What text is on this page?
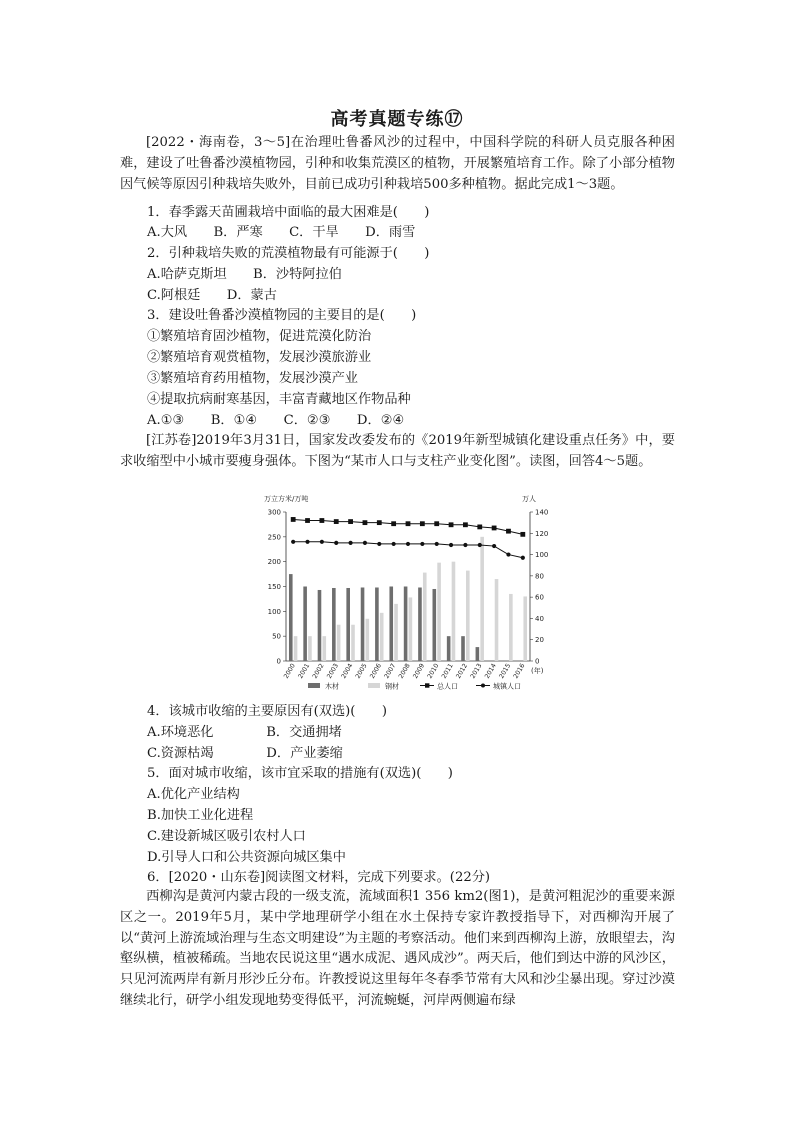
高考真题专练⑰
[2022・海南卷，3～5]在治理吐鲁番风沙的过程中，中国科学院的科研人员克服各种困难，建设了吐鲁番沙漠植物园，引种和收集荒漠区的植物，开展繁殖培育工作。除了小部分植物因气候等原因引种栽培失败外，目前已成功引种栽培500多种植物。据此完成1～3题。
1．春季露天苗圃栽培中面临的最大困难是(　　)
A.大风　　B．严寒　　C．干旱　　D．雨雪
2．引种栽培失败的荒漠植物最有可能源于(　　)
A.哈萨克斯坦　　B．沙特阿拉伯
C.阿根廷　　D．蒙古
3．建设吐鲁番沙漠植物园的主要目的是(　　)
①繁殖培育固沙植物，促进荒漠化防治
②繁殖培育观赏植物，发展沙漠旅游业
③繁殖培育药用植物，发展沙漠产业
④提取抗病耐寒基因，丰富青藏地区作物品种
A.①③　　B．①④　　C．②③　　D．②④
[江苏卷]2019年3月31日，国家发改委发布的《2019年新型城镇化建设重点任务》中，要求收缩型中小城市要瘦身强体。下图为“某市人口与支柱产业变化图”。读图，回答4～5题。
万立方米/万吨	万人
0
50
100
150
200
250
300
0
20
40
60
80
100
120
140
2000 2001 2002 2003 2004 2005 2006 2007 2008 2009 2010 2011 2012 2013 2014 2015 2016 (年)
木材	钢材	总人口	城镇人口
4．该城市收缩的主要原因有(双选)(　　)
A.环境恶化　　　　B．交通拥堵
C.资源枯竭　　　　D．产业萎缩
5．面对城市收缩，该市宜采取的措施有(双选)(　　)
A.优化产业结构
B.加快工业化进程
C.建设新城区吸引农村人口
D.引导人口和公共资源向城区集中
6．[2020・山东卷]阅读图文材料，完成下列要求。(22分)
西柳沟是黄河内蒙古段的一级支流，流域面积1 356 km2(图1)，是黄河粗泥沙的重要来源区之一。2019年5月，某中学地理研学小组在水土保持专家许教授指导下，对西柳沟开展了以“黄河上游流域治理与生态文明建设”为主题的考察活动。他们来到西柳沟上游，放眼望去，沟壑纵横，植被稀疏。当地农民说这里“遇水成泥、遇风成沙”。两天后，他们到达中游的风沙区，只见河流两岸有新月形沙丘分布。许教授说这里每年冬春季节常有大风和沙尘暴出现。穿过沙漠继续北行，研学小组发现地势变得低平，河流蜿蜒，河岸两侧遍布绿
